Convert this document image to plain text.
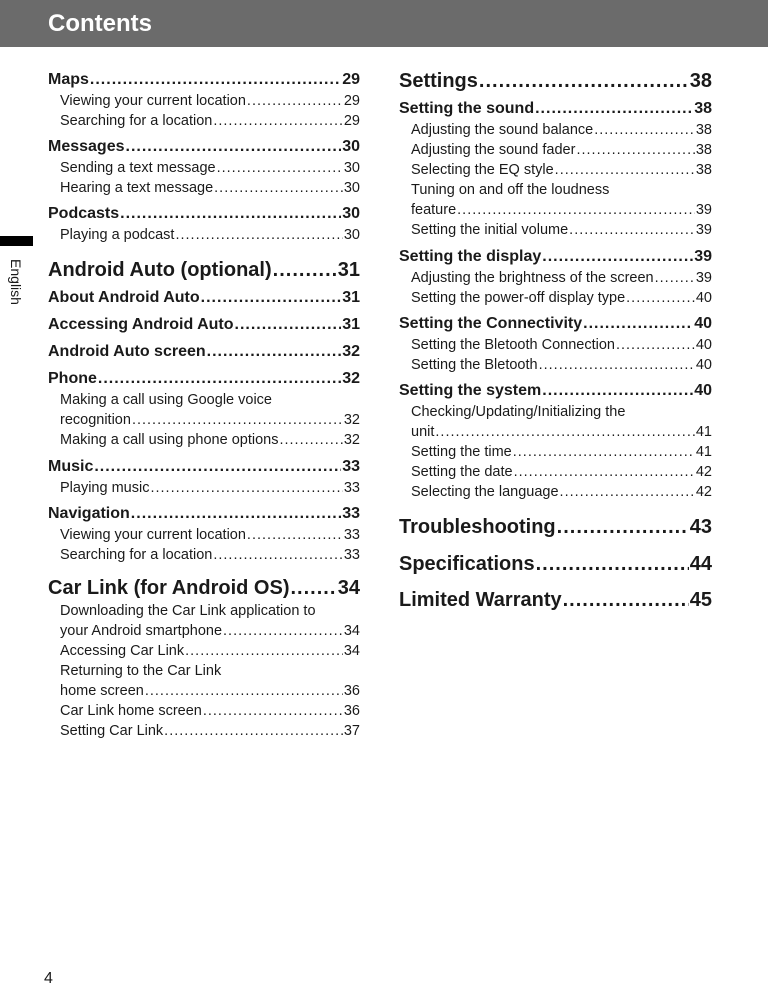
Contents
English
Maps .....	29
Viewing your current location .....	29
Searching for a location .....	29
Messages .....	30
Sending a text message .....	30
Hearing a text message .....	30
Podcasts .....	30
Playing a podcast .....	30
Android Auto (optional) .....	31
About Android Auto .....	31
Accessing Android Auto .....	31
Android Auto screen .....	32
Phone .....	32
Making a call using Google voice
recognition .....	32
Making a call using phone options .....	32
Music .....	33
Playing music .....	33
Navigation .....	33
Viewing your current location .....	33
Searching for a location .....	33
Car Link (for Android OS) ..... 34
Downloading the Car Link application to
your Android smartphone .....	34
Accessing Car Link .....	34
Returning to the Car Link
home screen .....	36
Car Link home screen .....	36
Setting Car Link .....	37
Settings .....	38
Setting the sound .....	38
Adjusting the sound balance .....	38
Adjusting the sound fader .....	38
Selecting the EQ style .....	38
Tuning on and off the loudness
feature .....	39
Setting the initial volume .....	39
Setting the display .....	39
Adjusting the brightness of the screen .....	39
Setting the power-off display type .....	40
Setting the Connectivity .....	40
Setting the Bletooth Connection .....	40
Setting the Bletooth .....	40
Setting the system .....	40
Checking/Updating/Initializing the
unit .....	41
Setting the time .....	41
Setting the date .....	42
Selecting the language .....	42
Troubleshooting .....	43
Specifications .....	44
Limited Warranty .....	45
4
